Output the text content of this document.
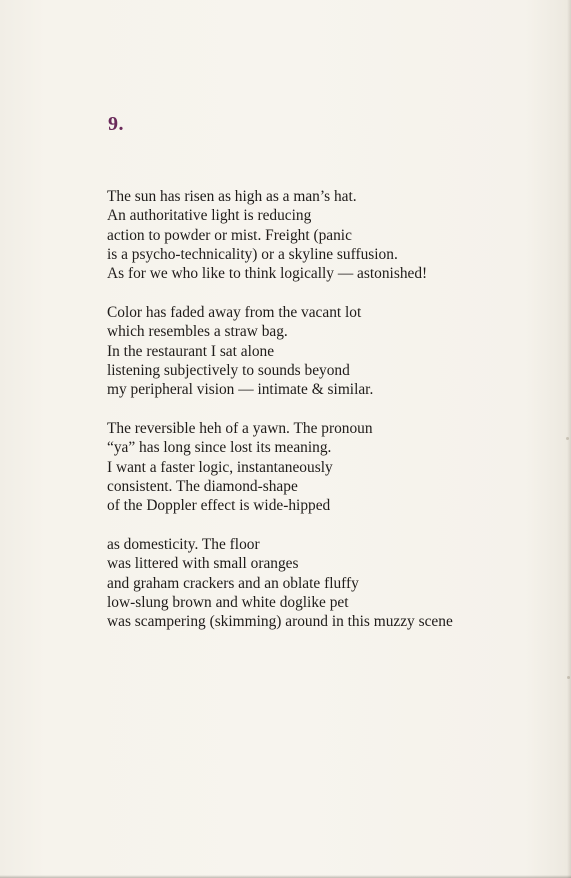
9.

The sun has risen as high as a man’s hat.
An authoritative light is reducing
action to powder or mist. Freight (panic
is a psycho-technicality) or a skyline suffusion.
As for we who like to think logically — astonished!

Color has faded away from the vacant lot
which resembles a straw bag.
In the restaurant I sat alone
listening subjectively to sounds beyond
my peripheral vision — intimate & similar.

The reversible heh of a yawn. The pronoun
“ya” has long since lost its meaning.
I want a faster logic, instantaneously
consistent. The diamond-shape
of the Doppler effect is wide-hipped

as domesticity. The floor
was littered with small oranges
and graham crackers and an oblate fluffy
low-slung brown and white doglike pet
was scampering (skimming) around in this muzzy scene
